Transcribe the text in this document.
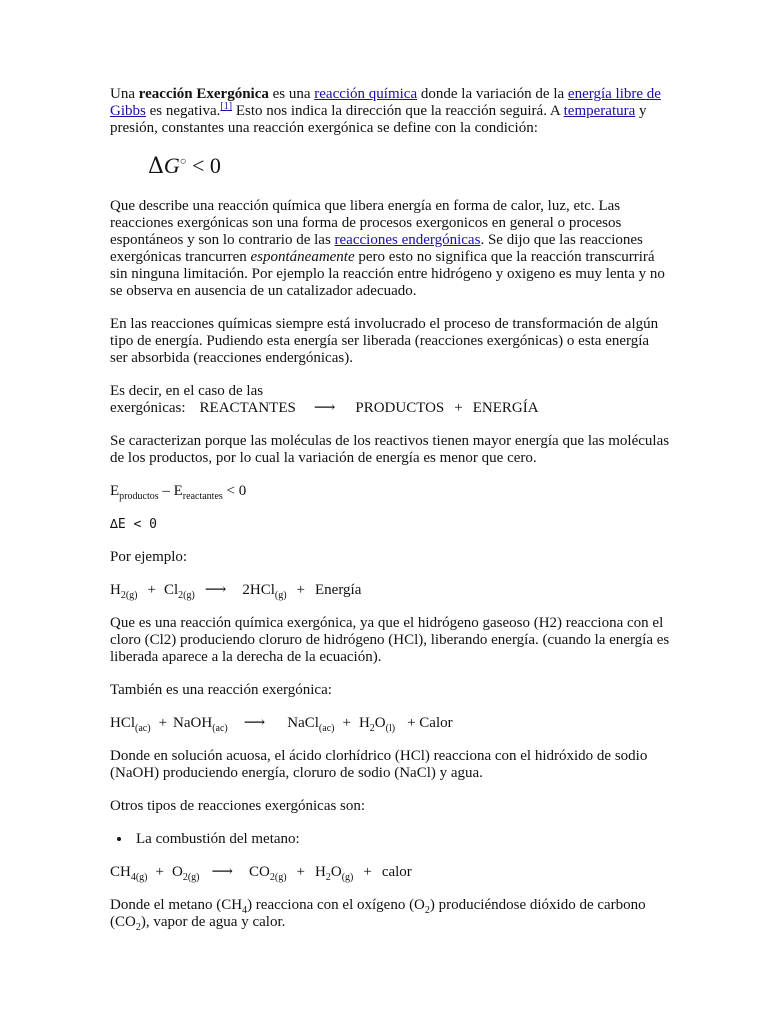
Una reacción Exergónica es una reacción química donde la variación de la energía libre de Gibbs es negativa.[1] Esto nos indica la dirección que la reacción seguirá. A temperatura y presión, constantes una reacción exergónica se define con la condición:

ΔG○ < 0

Que describe una reacción química que libera energía en forma de calor, luz, etc. Las reacciones exergónicas son una forma de procesos exergonicos en general o procesos espontáneos y son lo contrario de las reacciones endergónicas. Se dijo que las reacciones exergónicas trancurren espontáneamente pero esto no significa que la reacción transcurrirá sin ninguna limitación. Por ejemplo la reacción entre hidrógeno y oxigeno es muy lenta y no se observa en ausencia de un catalizador adecuado.

En las reacciones químicas siempre está involucrado el proceso de transformación de algún tipo de energía. Pudiendo esta energía ser liberada (reacciones exergónicas) o esta energía ser absorbida (reacciones endergónicas).

Es decir, en el caso de las
exergónicas: REACTANTES ⟶ PRODUCTOS + ENERGÍA

Se caracterizan porque las moléculas de los reactivos tienen mayor energía que las moléculas de los productos, por lo cual la variación de energía es menor que cero.

$E_{productos} - E_{reactantes} < 0$

∆E < 0

Por ejemplo:

$H_{2(g)} + Cl_{2(g)}$ ⟶ 2HCl$_{(g)}$ + Energía

Que es una reacción química exergónica, ya que el hidrógeno gaseoso (H2) reacciona con el cloro (Cl2) produciendo cloruro de hidrógeno (HCl), liberando energía. (cuando la energía es liberada aparece a la derecha de la ecuación).

También es una reacción exergónica:

HCl$_{(ac)}$ + NaOH$_{(ac)}$ ⟶ NaCl$_{(ac)}$ + $H_2O_{(l)}$ + Calor

Donde en solución acuosa, el ácido clorhídrico (HCl) reacciona con el hidróxido de sodio (NaOH) produciendo energía, cloruro de sodio (NaCl) y agua.

Otros tipos de reacciones exergónicas son:

• La combustión del metano:

$CH_{4(g)} + O_{2(g)}$ ⟶ $CO_{2(g)} + H_2O_{(g)}$ + calor

Donde el metano $(CH_4)$ reacciona con el oxígeno $(O_2)$ produciéndose dióxido de carbono $(CO_2)$, vapor de agua y calor.
